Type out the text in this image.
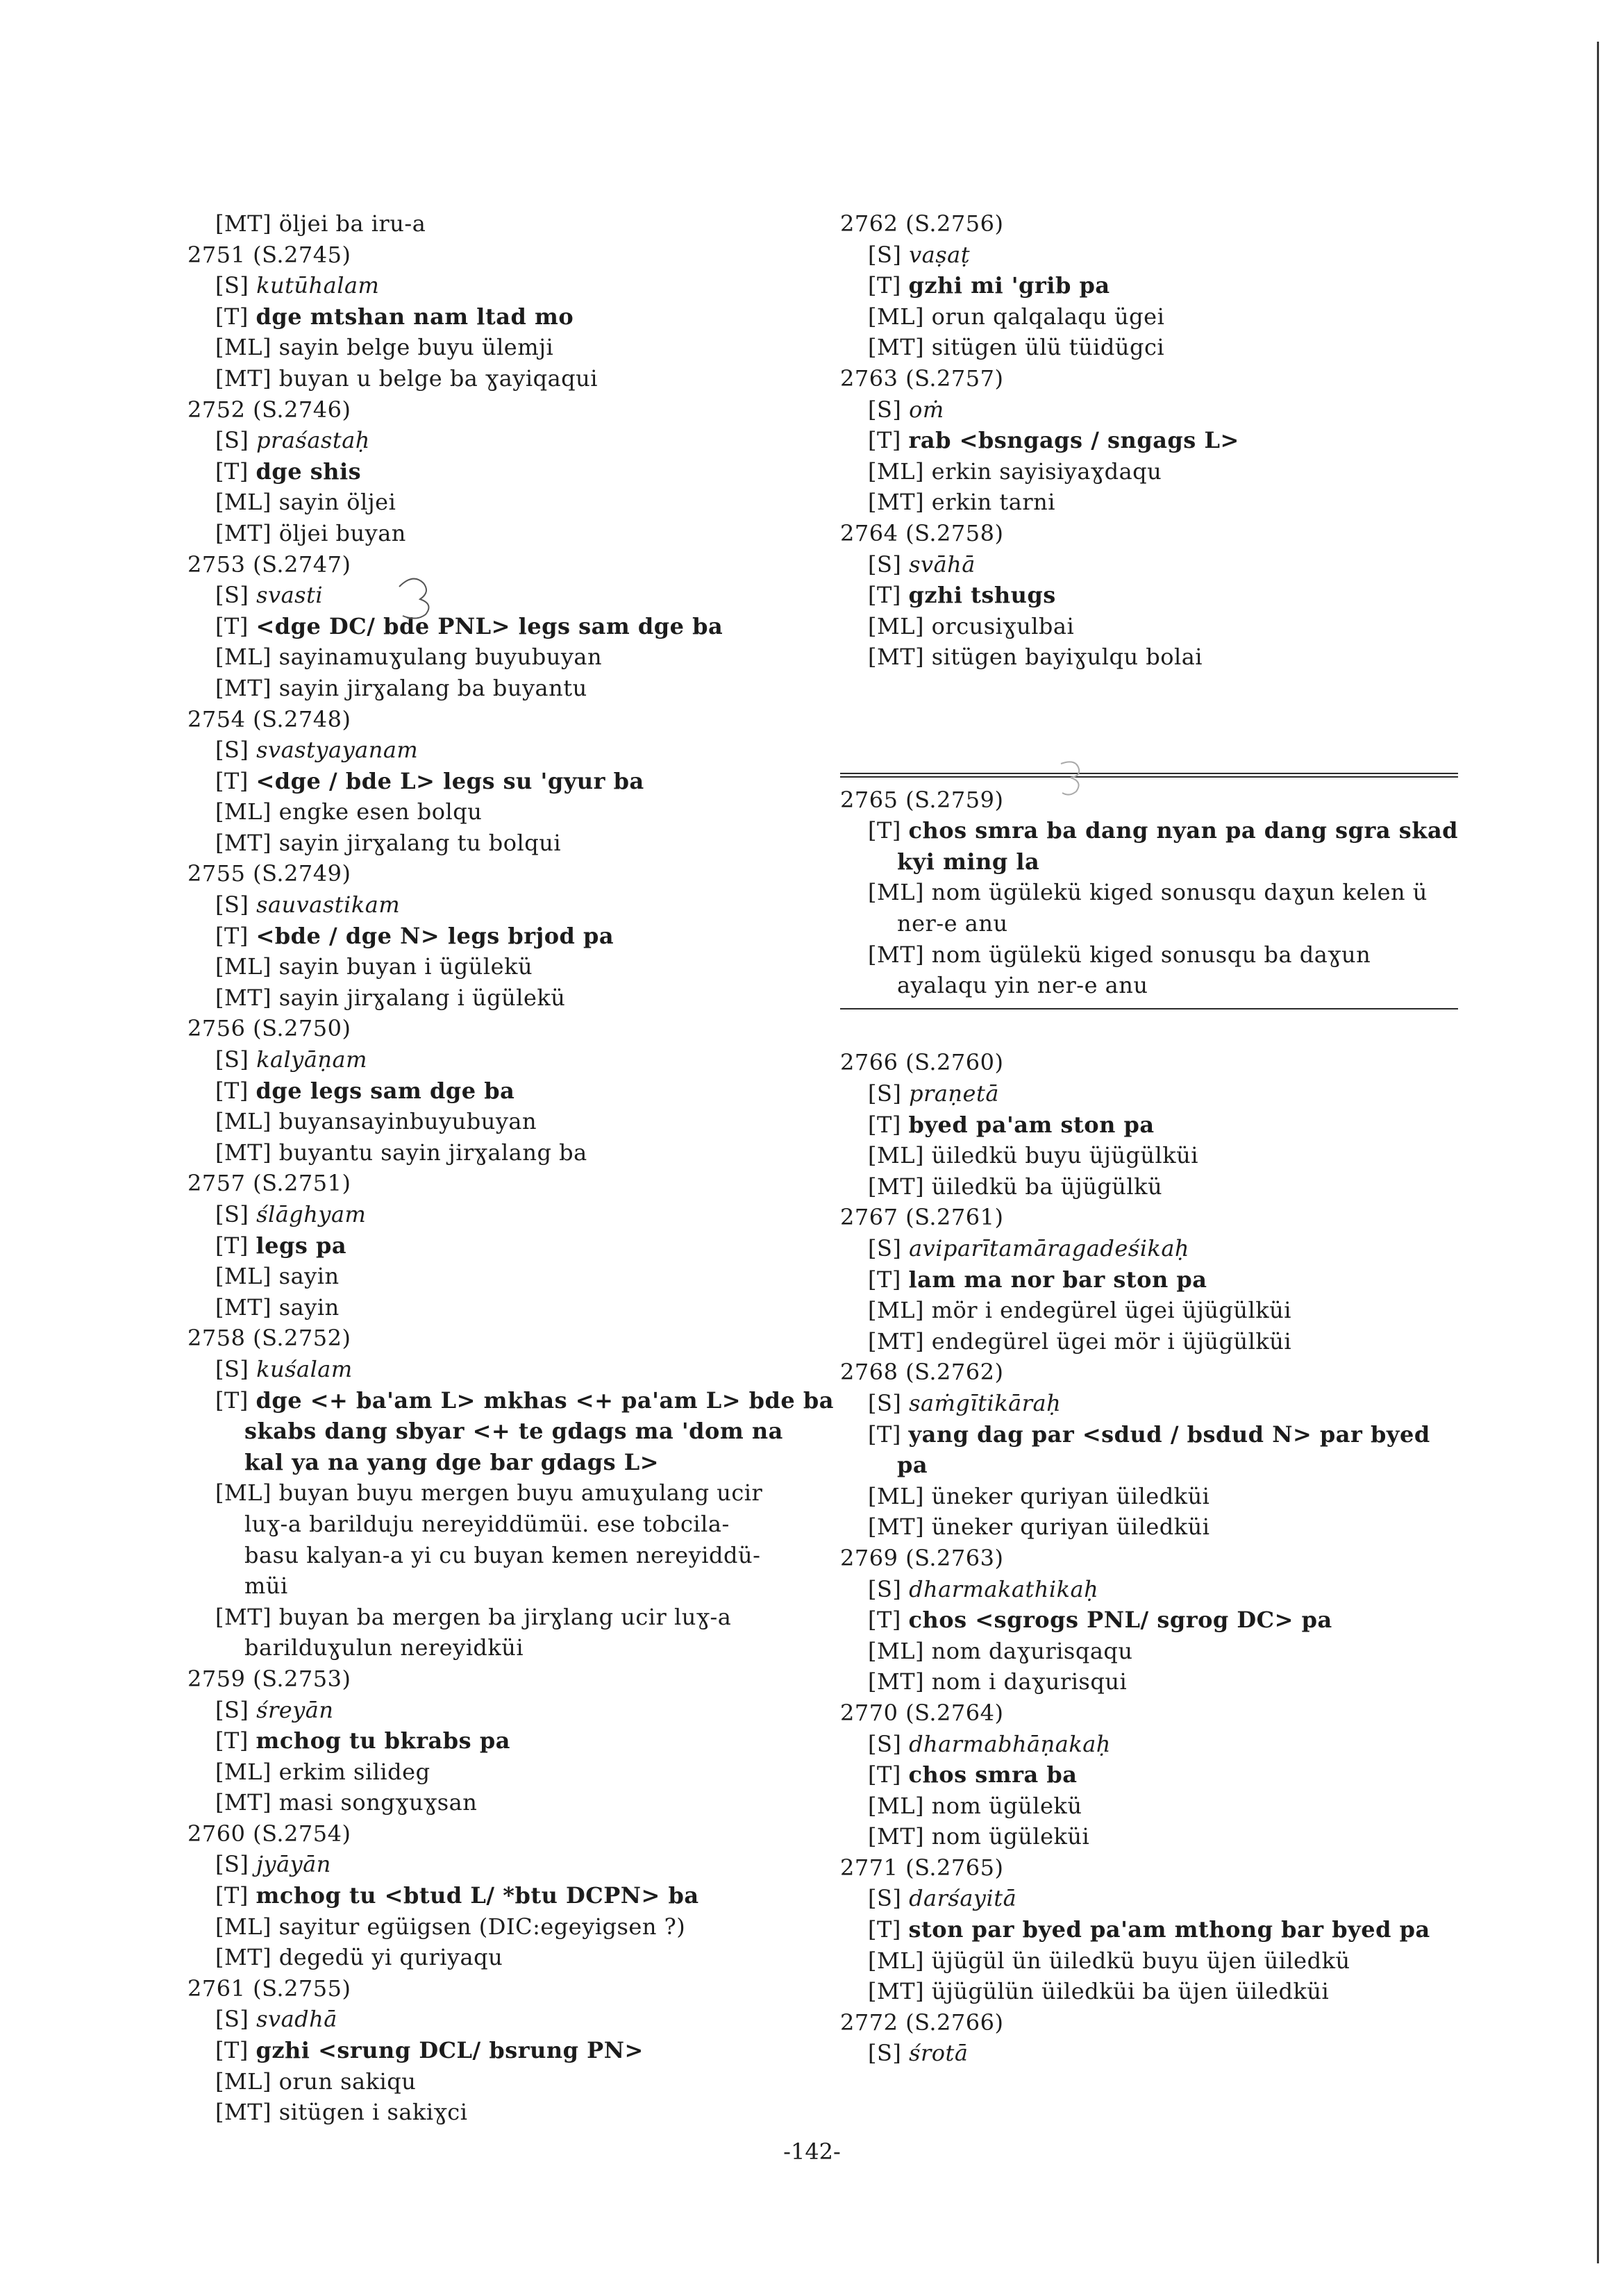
[MT] öljei ba iru-a
2751 (S.2745)
[S] kutūhalam
[T] dge mtshan nam ltad mo
[ML] sayin belge buyu ülemji
[MT] buyan u belge ba ɣayiqaqui
2752 (S.2746)
[S] praśastaḥ
[T] dge shis
[ML] sayin öljei
[MT] öljei buyan
2753 (S.2747)
[S] svasti
[T] <dge DC/ bde PNL> legs sam dge ba
[ML] sayinamuɣulang buyubuyan
[MT] sayin jirɣalang ba buyantu
2754 (S.2748)
[S] svastyayanam
[T] <dge / bde L> legs su 'gyur ba
[ML] engke esen bolqu
[MT] sayin jirɣalang tu bolqui
2755 (S.2749)
[S] sauvastikam
[T] <bde / dge N> legs brjod pa
[ML] sayin buyan i ügülekü
[MT] sayin jirɣalang i ügülekü
2756 (S.2750)
[S] kalyāṇam
[T] dge legs sam dge ba
[ML] buyansayinbuyubuyan
[MT] buyantu sayin jirɣalang ba
2757 (S.2751)
[S] ślāghyam
[T] legs pa
[ML] sayin
[MT] sayin
2758 (S.2752)
[S] kuśalam
[T] dge <+ ba'am L> mkhas <+ pa'am L> bde ba
skabs dang sbyar <+ te gdags ma 'dom na
kal ya na yang dge bar gdags L>
[ML] buyan buyu mergen buyu amuɣulang ucir
luɣ-a barilduju nereyiddümüi. ese tobcila-
basu kalyan-a yi cu buyan kemen nereyiddü-
müi
[MT] buyan ba mergen ba jirɣlang ucir luɣ-a
barilduɣulun nereyidküi
2759 (S.2753)
[S] śreyān
[T] mchog tu bkrabs pa
[ML] erkim silideg
[MT] masi songɣuɣsan
2760 (S.2754)
[S] jyāyān
[T] mchog tu <btud L/ *btu DCPN> ba
[ML] sayitur egüigsen (DIC:egeyigsen ?)
[MT] degedü yi quriyaqu
2761 (S.2755)
[S] svadhā
[T] gzhi <srung DCL/ bsrung PN>
[ML] orun sakiqu
[MT] sitügen i sakiɣci
2762 (S.2756)
[S] vaṣaṭ
[T] gzhi mi 'grib pa
[ML] orun qalqalaqu ügei
[MT] sitügen ülü tüidügci
2763 (S.2757)
[S] oṁ
[T] rab <bsngags / sngags L>
[ML] erkin sayisiyaɣdaqu
[MT] erkin tarni
2764 (S.2758)
[S] svāhā
[T] gzhi tshugs
[ML] orcusiɣulbai
[MT] sitügen bayiɣulqu bolai
2765 (S.2759)
[T] chos smra ba dang nyan pa dang sgra skad
kyi ming la
[ML] nom ügülekü kiged sonusqu daɣun kelen ü
ner-e anu
[MT] nom ügülekü kiged sonusqu ba daɣun
ayalaqu yin ner-e anu
2766 (S.2760)
[S] praṇetā
[T] byed pa'am ston pa
[ML] üiledkü buyu üjügülküi
[MT] üiledkü ba üjügülkü
2767 (S.2761)
[S] aviparītamāragadeśikaḥ
[T] lam ma nor bar ston pa
[ML] mör i endegürel ügei üjügülküi
[MT] endegürel ügei mör i üjügülküi
2768 (S.2762)
[S] saṁgītikāraḥ
[T] yang dag par <sdud / bsdud N> par byed
pa
[ML] üneker quriyan üiledküi
[MT] üneker quriyan üiledküi
2769 (S.2763)
[S] dharmakathikaḥ
[T] chos <sgrogs PNL/ sgrog DC> pa
[ML] nom daɣurisqaqu
[MT] nom i daɣurisqui
2770 (S.2764)
[S] dharmabhāṇakaḥ
[T] chos smra ba
[ML] nom ügülekü
[MT] nom ügüleküi
2771 (S.2765)
[S] darśayitā
[T] ston par byed pa'am mthong bar byed pa
[ML] üjügül ün üiledkü buyu üjen üiledkü
[MT] üjügülün üiledküi ba üjen üiledküi
2772 (S.2766)
[S] śrotā
-142-
